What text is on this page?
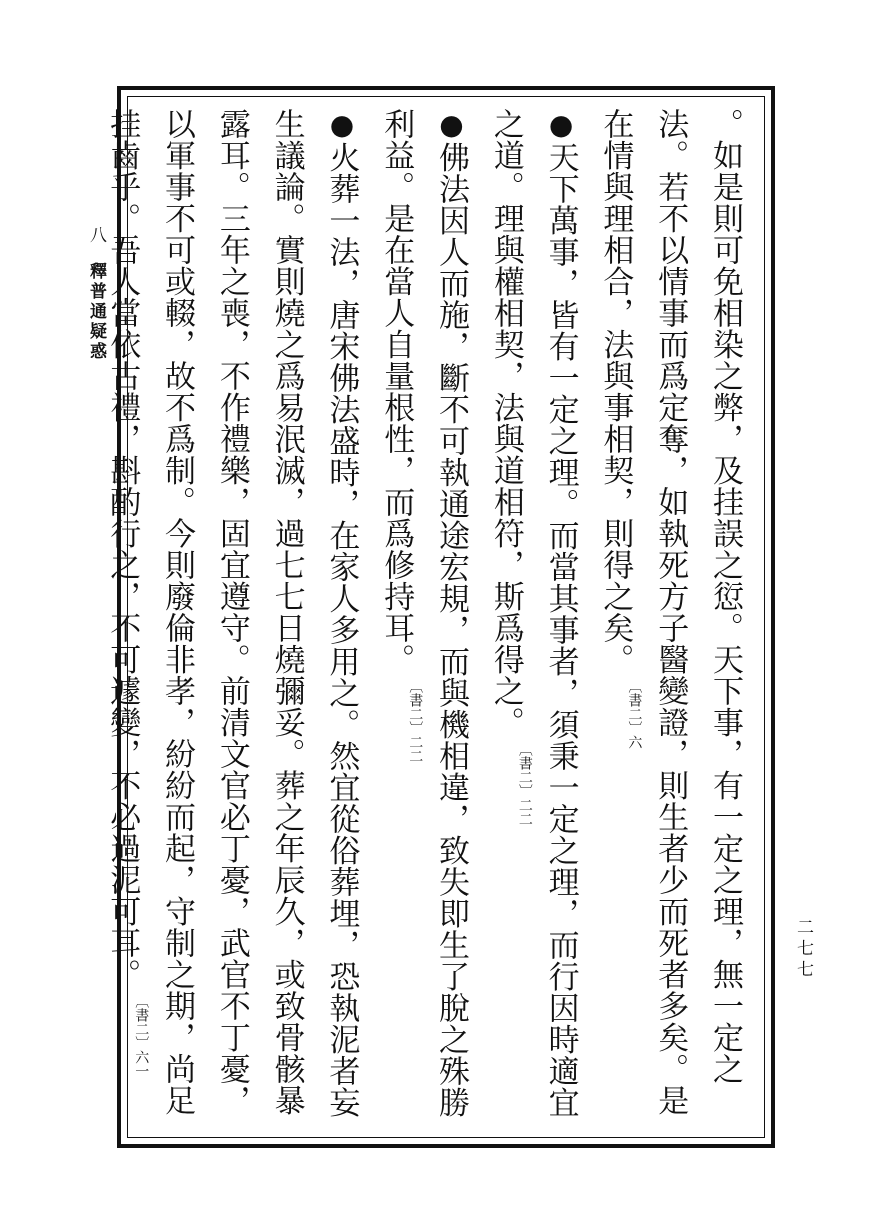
八
釋普通疑惑
二七七
。如是則可免相染之弊，及挂誤之愆。天下事，有一定之理，無一定之法。若不以情事而爲定奪，如執死方子醫變證，則生者少而死者多矣。是在情與理相合，法與事相契，則得之矣。〔書二〕六
●天下萬事，皆有一定之理。而當其事者，須秉一定之理，而行因時適宜之道。理與權相契，法與道相符，斯爲得之。〔書二〕二二
●佛法因人而施，斷不可執通途宏規，而與機相違，致失即生了脫之殊勝利益。是在當人自量根性，而爲修持耳。〔書二〕二二
●火葬一法，唐宋佛法盛時，在家人多用之。然宜從俗葬埋，恐執泥者妄生議論。實則燒之爲易泯滅，過七七日燒彌妥。葬之年辰久，或致骨骸暴露耳。三年之喪，不作禮樂，固宜遵守。前清文官必丁憂，武官不丁憂，以軍事不可或輟，故不爲制。今則廢倫非孝，紛紛而起，守制之期，尚足挂齒乎。吾人當依古禮，斟酌行之，不可遽變，不必過泥可耳。〔書二〕六一
